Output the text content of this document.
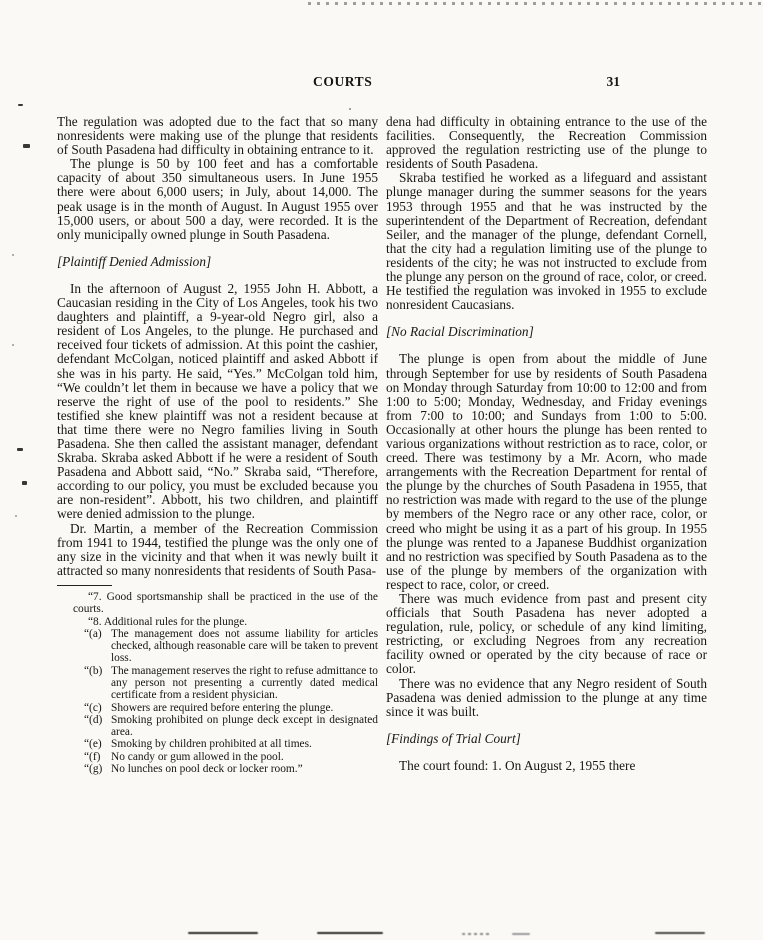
COURTS	31

The regulation was adopted due to the fact that so many nonresidents were making use of the plunge that residents of South Pasadena had difficulty in obtaining entrance to it.

The plunge is 50 by 100 feet and has a comfortable capacity of about 350 simultaneous users. In June 1955 there were about 6,000 users; in July, about 14,000. The peak usage is in the month of August. In August 1955 over 15,000 users, or about 500 a day, were recorded. It is the only municipally owned plunge in South Pasadena.

[Plaintiff Denied Admission]

In the afternoon of August 2, 1955 John H. Abbott, a Caucasian residing in the City of Los Angeles, took his two daughters and plaintiff, a 9-year-old Negro girl, also a resident of Los Angeles, to the plunge. He purchased and received four tickets of admission. At this point the cashier, defendant McColgan, noticed plaintiff and asked Abbott if she was in his party. He said, “Yes.” McColgan told him, “We couldn’t let them in because we have a policy that we reserve the right of use of the pool to residents.” She testified she knew plaintiff was not a resident because at that time there were no Negro families living in South Pasadena. She then called the assistant manager, defendant Skraba. Skraba asked Abbott if he were a resident of South Pasadena and Abbott said, “No.” Skraba said, “Therefore, according to our policy, you must be excluded because you are non-resident”. Abbott, his two children, and plaintiff were denied admission to the plunge.

Dr. Martin, a member of the Recreation Commission from 1941 to 1944, testified the plunge was the only one of any size in the vicinity and that when it was newly built it attracted so many nonresidents that residents of South Pasa-

“7. Good sportsmanship shall be practiced in the use of the courts.

“8. Additional rules for the plunge.

“(a) The management does not assume liability for articles checked, although reasonable care will be taken to prevent loss.
“(b) The management reserves the right to refuse admittance to any person not presenting a currently dated medical certificate from a resident physician.
“(c) Showers are required before entering the plunge.
“(d) Smoking prohibited on plunge deck except in designated area.
“(e) Smoking by children prohibited at all times.
“(f) No candy or gum allowed in the pool.
“(g) No lunches on pool deck or locker room.”

dena had difficulty in obtaining entrance to the use of the facilities. Consequently, the Recreation Commission approved the regulation restricting use of the plunge to residents of South Pasadena.

Skraba testified he worked as a lifeguard and assistant plunge manager during the summer seasons for the years 1953 through 1955 and that he was instructed by the superintendent of the Department of Recreation, defendant Seiler, and the manager of the plunge, defendant Cornell, that the city had a regulation limiting use of the plunge to residents of the city; he was not instructed to exclude from the plunge any person on the ground of race, color, or creed. He testified the regulation was invoked in 1955 to exclude nonresident Caucasians.

[No Racial Discrimination]

The plunge is open from about the middle of June through September for use by residents of South Pasadena on Monday through Saturday from 10:00 to 12:00 and from 1:00 to 5:00; Monday, Wednesday, and Friday evenings from 7:00 to 10:00; and Sundays from 1:00 to 5:00. Occasionally at other hours the plunge has been rented to various organizations without restriction as to race, color, or creed. There was testimony by a Mr. Acorn, who made arrangements with the Recreation Department for rental of the plunge by the churches of South Pasadena in 1955, that no restriction was made with regard to the use of the plunge by members of the Negro race or any other race, color, or creed who might be using it as a part of his group. In 1955 the plunge was rented to a Japanese Buddhist organization and no restriction was specified by South Pasadena as to the use of the plunge by members of the organization with respect to race, color, or creed.

There was much evidence from past and present city officials that South Pasadena has never adopted a regulation, rule, policy, or schedule of any kind limiting, restricting, or excluding Negroes from any recreation facility owned or operated by the city because of race or color.

There was no evidence that any Negro resident of South Pasadena was denied admission to the plunge at any time since it was built.

[Findings of Trial Court]

The court found: 1. On August 2, 1955 there
